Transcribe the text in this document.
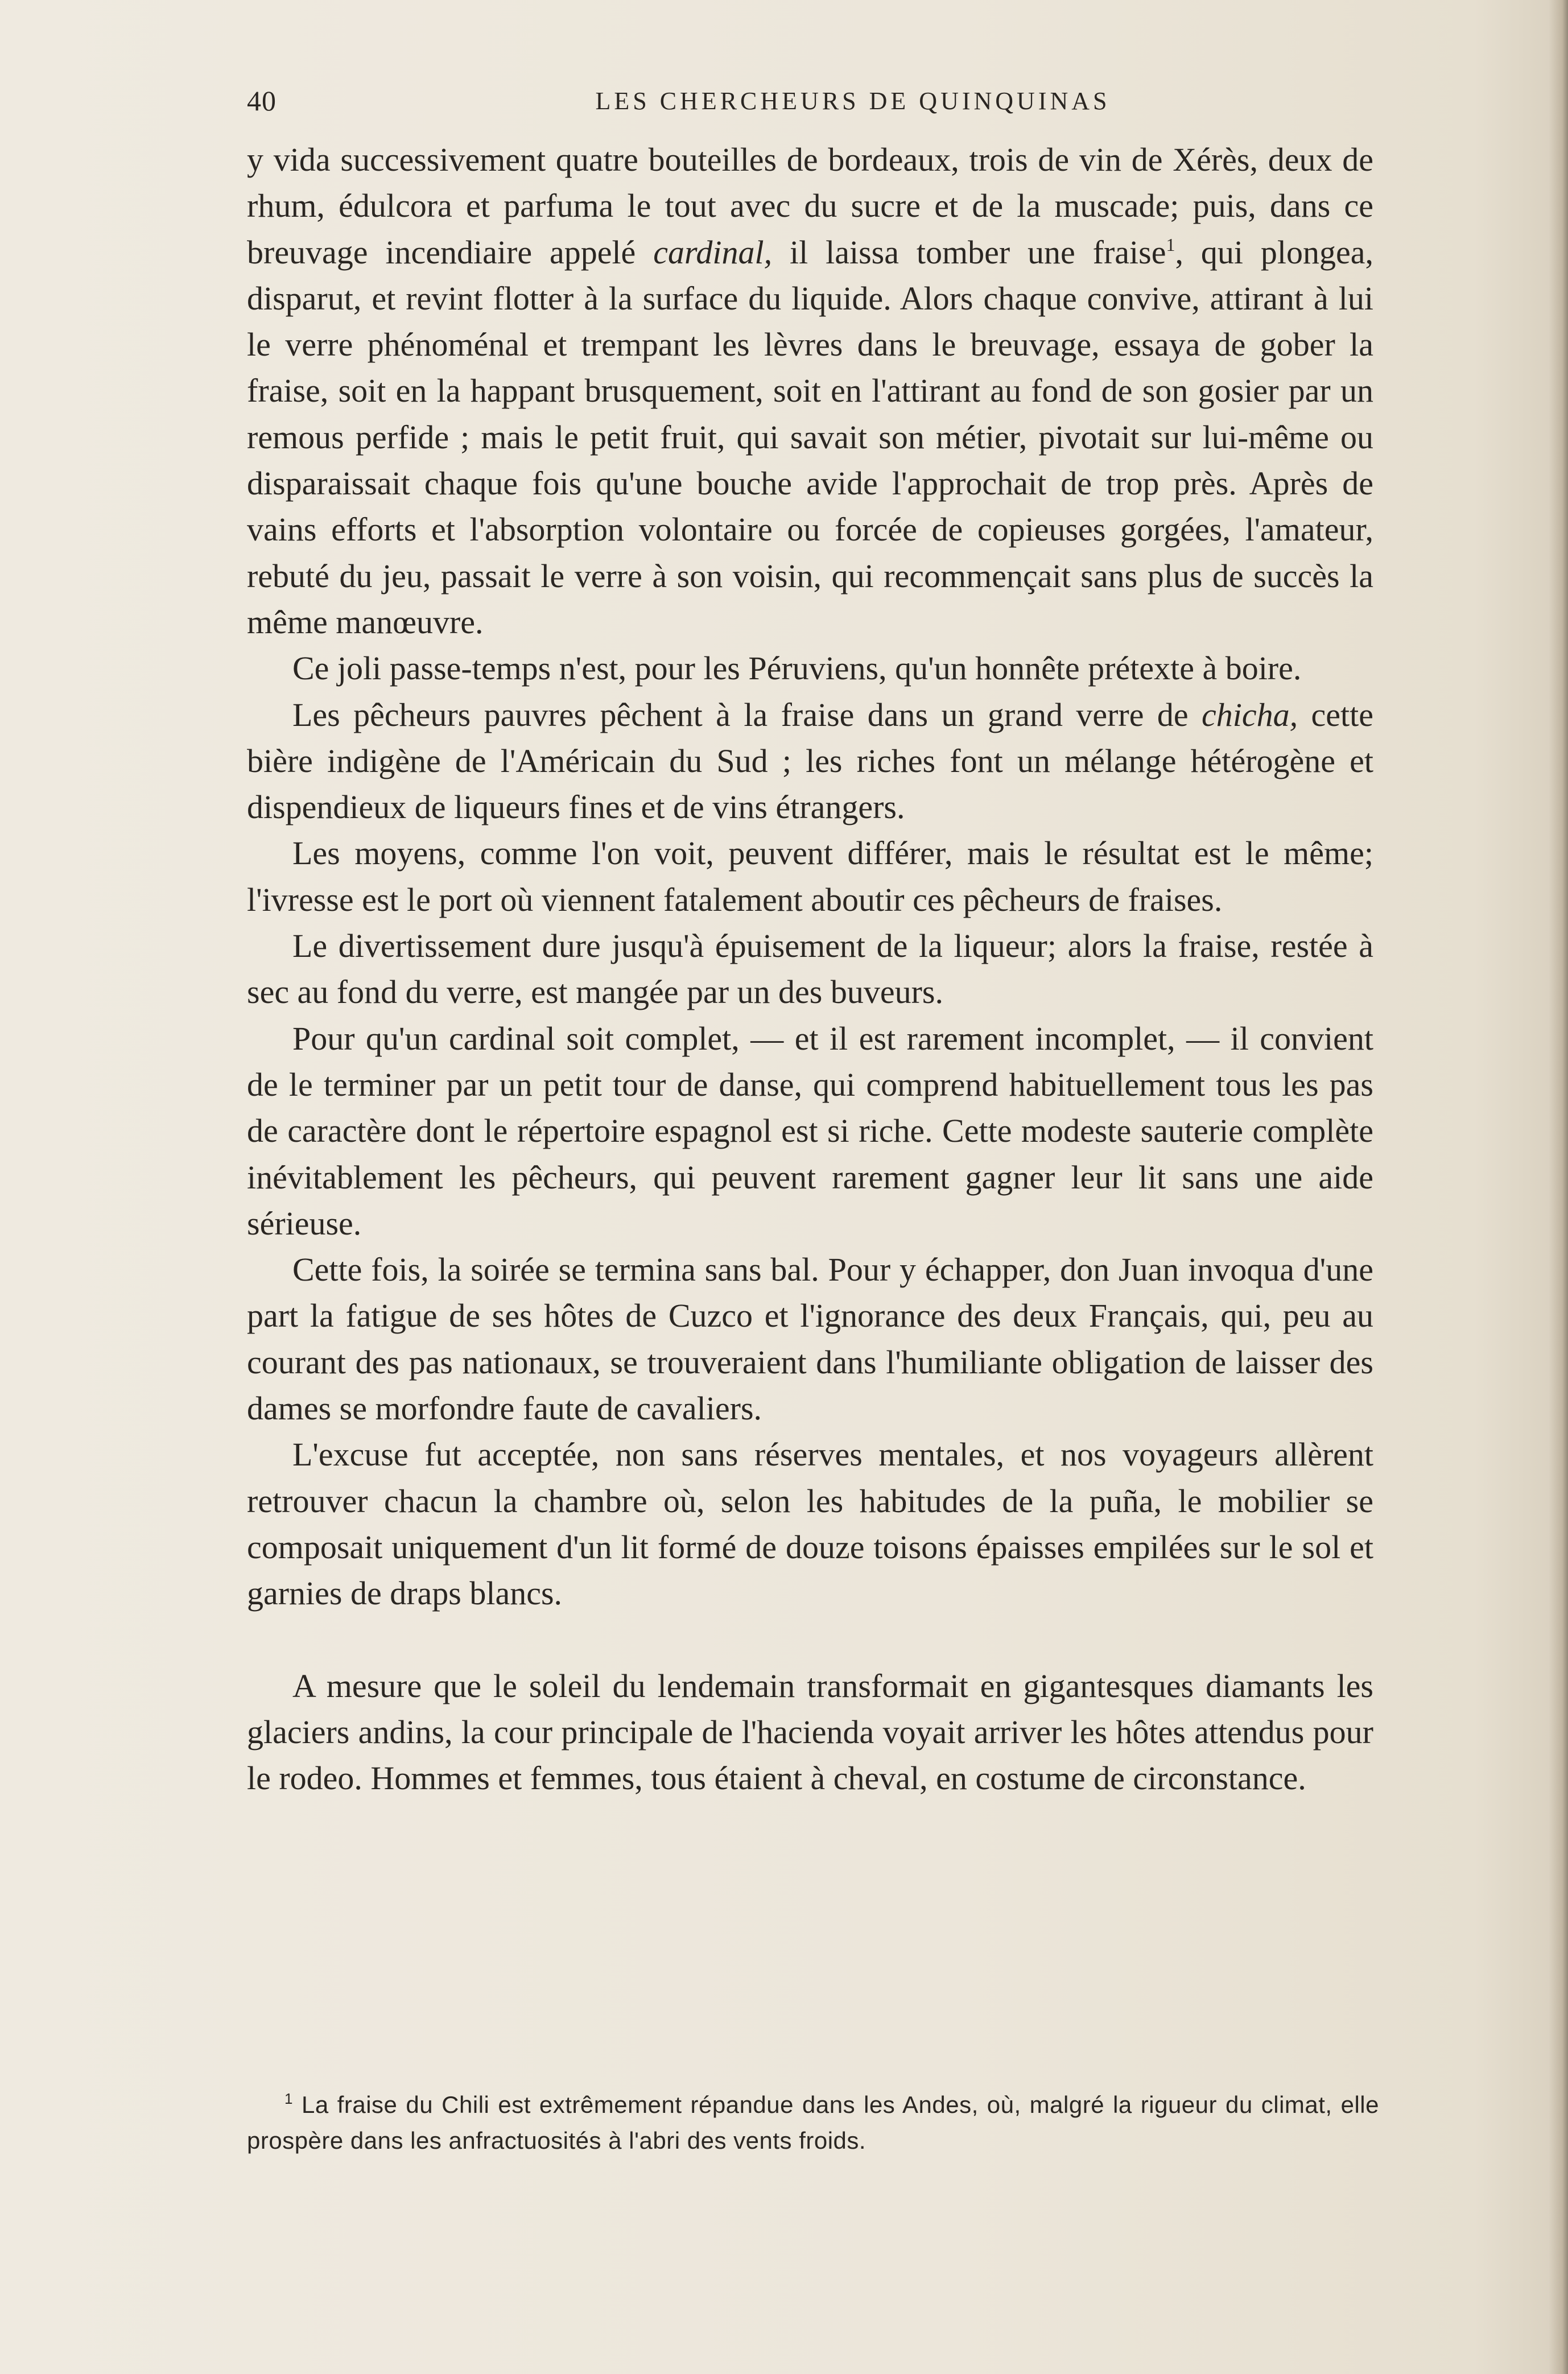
40	LES CHERCHEURS DE QUINQUINAS

y vida successivement quatre bouteilles de bordeaux, trois de vin de Xérès, deux de rhum, édulcora et parfuma le tout avec du sucre et de la muscade; puis, dans ce breuvage incendiaire appelé cardinal, il laissa tomber une fraise$^1$, qui plongea, disparut, et revint flotter à la surface du liquide. Alors chaque convive, attirant à lui le verre phénoménal et trempant les lèvres dans le breuvage, essaya de gober la fraise, soit en la happant brusquement, soit en l'attirant au fond de son gosier par un remous perfide ; mais le petit fruit, qui savait son métier, pivotait sur lui-même ou disparaissait chaque fois qu'une bouche avide l'approchait de trop près. Après de vains efforts et l'absorption volontaire ou forcée de copieuses gorgées, l'amateur, rebuté du jeu, passait le verre à son voisin, qui recommençait sans plus de succès la même manœuvre.

Ce joli passe-temps n'est, pour les Péruviens, qu'un honnête prétexte à boire.

Les pêcheurs pauvres pêchent à la fraise dans un grand verre de chicha, cette bière indigène de l'Américain du Sud ; les riches font un mélange hétérogène et dispendieux de liqueurs fines et de vins étrangers.

Les moyens, comme l'on voit, peuvent différer, mais le résultat est le même; l'ivresse est le port où viennent fatalement aboutir ces pêcheurs de fraises.

Le divertissement dure jusqu'à épuisement de la liqueur; alors la fraise, restée à sec au fond du verre, est mangée par un des buveurs.

Pour qu'un cardinal soit complet, — et il est rarement incomplet, — il convient de le terminer par un petit tour de danse, qui comprend habituellement tous les pas de caractère dont le répertoire espagnol est si riche. Cette modeste sauterie complète inévitablement les pêcheurs, qui peuvent rarement gagner leur lit sans une aide sérieuse.

Cette fois, la soirée se termina sans bal. Pour y échapper, don Juan invoqua d'une part la fatigue de ses hôtes de Cuzco et l'ignorance des deux Français, qui, peu au courant des pas nationaux, se trouveraient dans l'humiliante obligation de laisser des dames se morfondre faute de cavaliers.

L'excuse fut acceptée, non sans réserves mentales, et nos voyageurs allèrent retrouver chacun la chambre où, selon les habitudes de la puña, le mobilier se composait uniquement d'un lit formé de douze toisons épaisses empilées sur le sol et garnies de draps blancs.

A mesure que le soleil du lendemain transformait en gigantesques diamants les glaciers andins, la cour principale de l'hacienda voyait arriver les hôtes attendus pour le rodeo. Hommes et femmes, tous étaient à cheval, en costume de circonstance.

$^1$ La fraise du Chili est extrêmement répandue dans les Andes, où, malgré la rigueur du climat, elle prospère dans les anfractuosités à l'abri des vents froids.
